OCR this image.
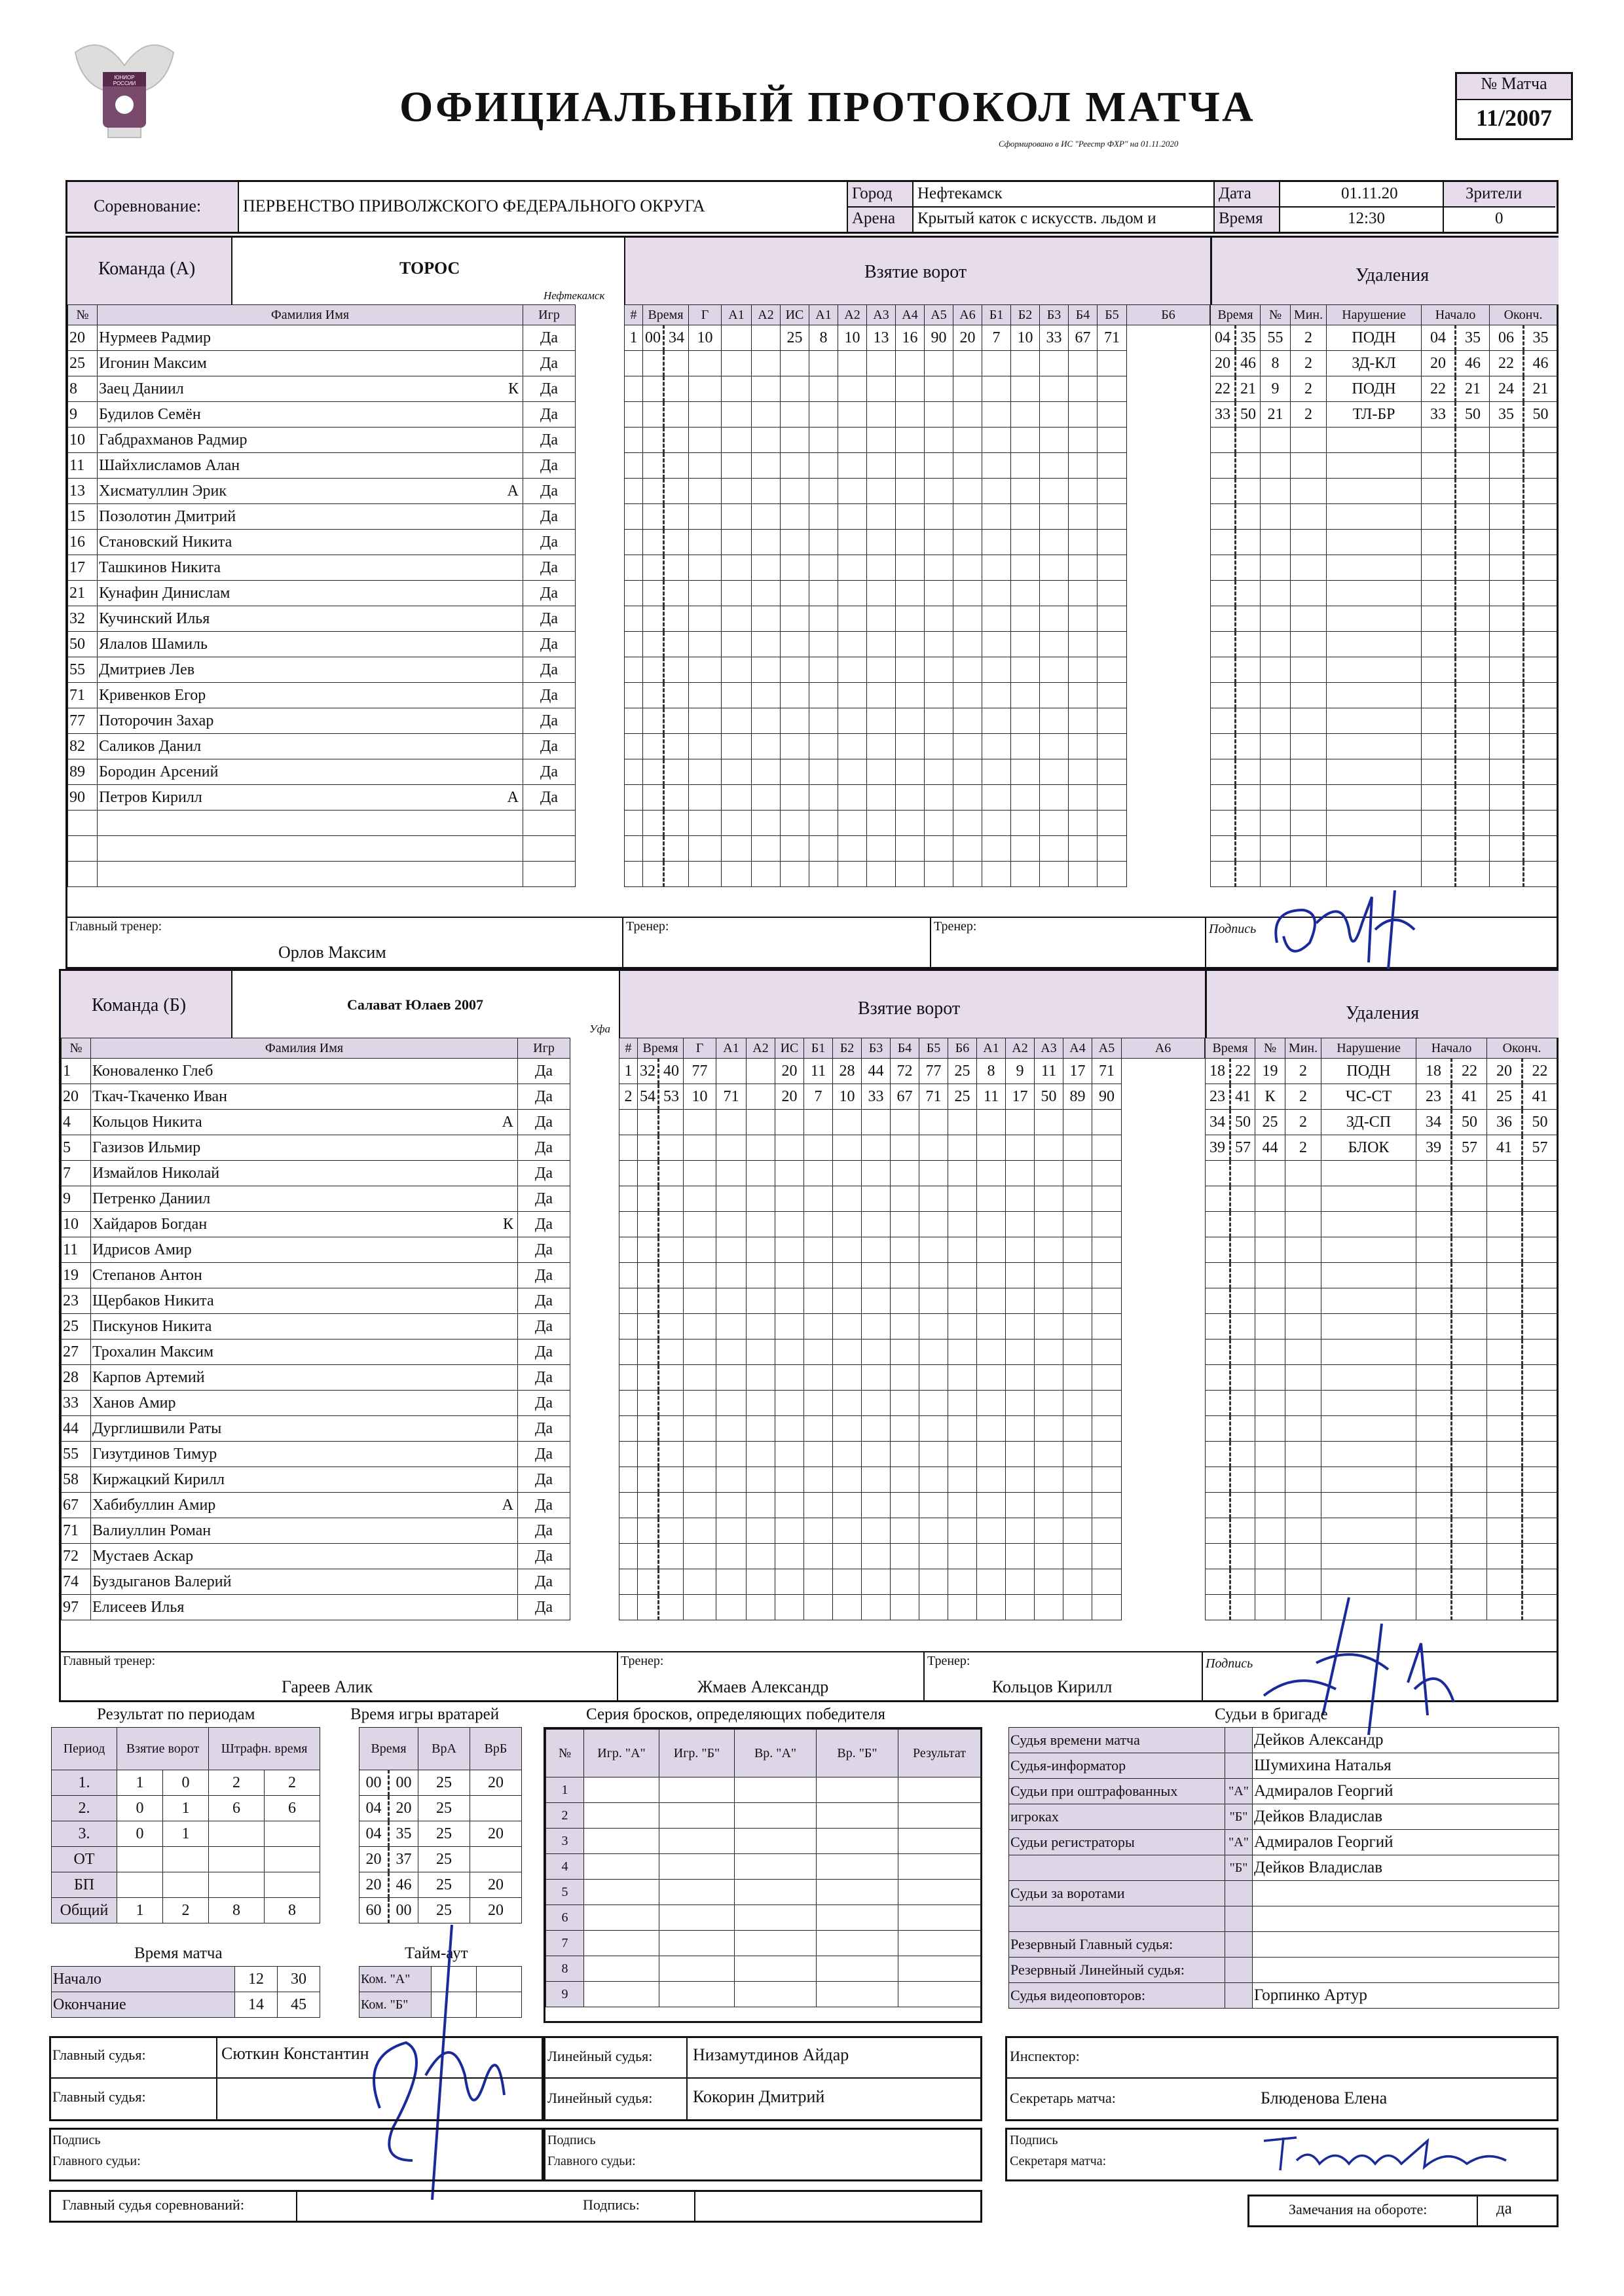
ЮНИОР РОССИИ	ОФИЦИАЛЬНЫЙ ПРОТОКОЛ МАТЧА
Сформировано в ИС "Реестр ФХР" на 01.11.2020
№ Матча
11/2007
Соревнование: ПЕРВЕНСТВО ПРИВОЛЖСКОГО ФЕДЕРАЛЬНОГО ОКРУГА
Город
Арена
Нефтекамск
Крытый каток с искусств. льдом и
Дата
Время
01.11.20
12:30
Зрители
0
Команда (А)	ТОРОС
Нефтекамск
Взятие ворот	Удаления
№	Фамилия Имя		Игр
20	Нурмеев Радмир		Да
25	Игонин Максим		Да
8	Заец Даниил К		Да
9	Будилов Семён		Да
10	Габдрахманов Радмир		Да
11	Шайхлисламов Алан		Да
13	Хисматуллин Эрик А		Да
15	Позолотин Дмитрий		Да
16	Становский Никита		Да
17	Ташкинов Никита		Да
21	Кунафин Динислам		Да
32	Кучинский Илья		Да
50	Ялалов Шамиль		Да
55	Дмитриев Лев		Да
71	Кривенков Егор		Да
77	Поторочин Захар		Да
82	Саликов Данил		Да
89	Бородин Арсений		Да
90	Петров Кирилл А		Да

#	Время		Г	А1	А2	ИС	А1	А2	А3	А4	А5	А6	Б1	Б2	Б3	Б4	Б5	Б6
1	00	34	10			25	8	10	13	16	90	20	7	10	33	67	71	

Время		№	Мин.	Нарушение	Начало		Оконч.	
04	35	55	2	ПОДН	04	35	06	35
20	46	8	2	ЗД-КЛ	20	46	22	46
22	21	9	2	ПОДН	22	21	24	21
33	50	21	2	ТЛ-БР	33	50	35	50

Главный тренер:
Орлов Максим
Тренер:	Тренер:	Подпись
Команда (Б)	Салават Юлаев 2007
Уфа
Взятие ворот	Удаления
№	Фамилия Имя		Игр
1	Коноваленко Глеб		Да
20	Ткач-Ткаченко Иван		Да
4	Кольцов Никита А		Да
5	Газизов Ильмир		Да
7	Измайлов Николай		Да
9	Петренко Даниил		Да
10	Хайдаров Богдан К		Да
11	Идрисов Амир		Да
19	Степанов Антон		Да
23	Щербаков Никита		Да
25	Пискунов Никита		Да
27	Трохалин Максим		Да
28	Карпов Артемий		Да
33	Ханов Амир		Да
44	Дурглишвили Раты		Да
55	Гизутдинов Тимур		Да
58	Киржацкий Кирилл		Да
67	Хабибуллин Амир А		Да
71	Валиуллин Роман		Да
72	Мустаев Аскар		Да
74	Буздыганов Валерий		Да
97	Елисеев Илья		Да
#	Время		Г	А1	А2	ИС	Б1	Б2	Б3	Б4	Б5	Б6	А1	А2	А3	А4	А5	А6
1	32	40	77			20	11	28	44	72	77	25	8	9	11	17	71	
2	54	53	10	71		20	7	10	33	67	71	25	11	17	50	89	90	

Время		№	Мин.	Нарушение	Начало		Оконч.	
18	22	19	2	ПОДН	18	22	20	22
23	41	К	2	ЧС-СТ	23	41	25	41
34	50	25	2	ЗД-СП	34	50	36	50
39	57	44	2	БЛОК	39	57	41	57

Главный тренер:
Гареев Алик
Тренер:
Жмаев Александр
Тренер:
Кольцов Кирилл
Подпись
Результат по периодам
Период	Взятие ворот		Штрафн. время	
1.	1	0	2	2
2.	0	1	6	6
3.	0	1		
ОТ				
БП				
Общий	1	2	8	8
Время игры вратарей
Время		ВрА	ВрБ
00	00	25	20
04	20	25	
04	35	25	20
20	37	25	
20	46	25	20
60	00	25	20
Время матча
Начало	12	30
Окончание	14	45
Тайм-аут
Ком. "А"		
Ком. "Б"		
Серия бросков, определяющих победителя
№	Игр. "А"	Игр. "Б"	Вр. "А"	Вр. "Б"	Результат
1					
2					
3					
4					
5					
6					
7					
8					
9					
Судьи в бригаде
Судья времени матча		Дейков Александр
Судья-информатор		Шумихина Наталья
Судьи при оштрафованных	"А"	Адмиралов Георгий
игроках	"Б"	Дейков Владислав
Судьи регистраторы	"А"	Адмиралов Георгий
	"Б"	Дейков Владислав
Судьи за воротами		

Резервный Главный судья:		
Резервный Линейный судья:		
Судья видеоповторов:		Горпинко Артур
Главный судья:	Сюткин Константин
Главный судья:
Линейный судья: Низамутдинов Айдар
Линейный судья: Кокорин Дмитрий
Инспектор:
Секретарь матча:	Блюденова Елена
Подпись
Главного судьи:
Подпись
Главного судьи:
Подпись
Секретаря матча:
Главный судья соревнований:	Подпись:	Замечания на обороте:	да
